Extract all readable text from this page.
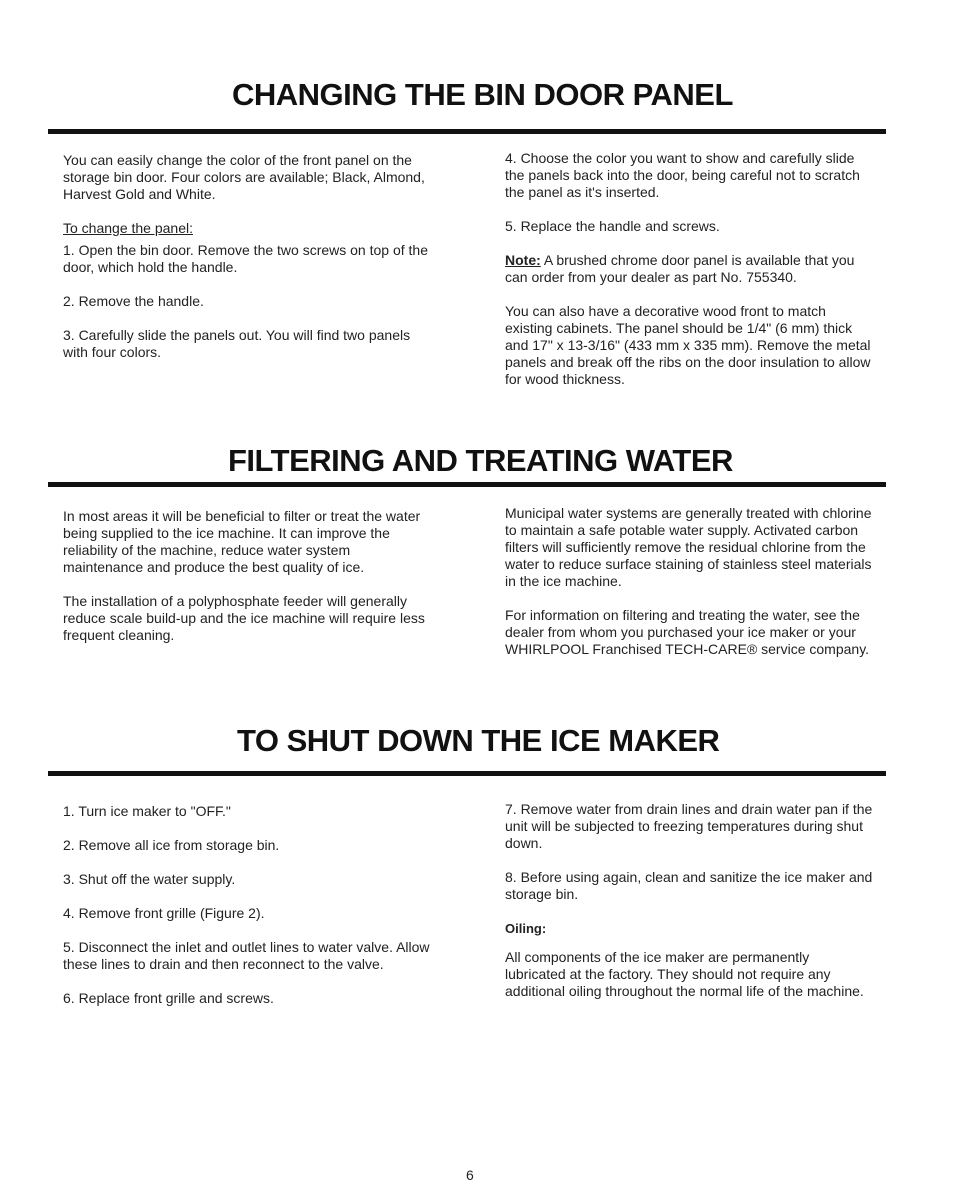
CHANGING THE BIN DOOR PANEL

You can easily change the color of the front panel on the storage bin door. Four colors are available; Black, Almond, Harvest Gold and White.

To change the panel:

1. Open the bin door. Remove the two screws on top of the door, which hold the handle.

2. Remove the handle.

3. Carefully slide the panels out. You will find two panels with four colors.

4. Choose the color you want to show and carefully slide the panels back into the door, being careful not to scratch the panel as it's inserted.

5. Replace the handle and screws.

Note: A brushed chrome door panel is available that you can order from your dealer as part No. 755340.

You can also have a decorative wood front to match existing cabinets. The panel should be 1/4" (6 mm) thick and 17" x 13-3/16" (433 mm x 335 mm). Remove the metal panels and break off the ribs on the door insulation to allow for wood thickness.

FILTERING AND TREATING WATER

In most areas it will be beneficial to filter or treat the water being supplied to the ice machine. It can improve the reliability of the machine, reduce water system maintenance and produce the best quality of ice.

The installation of a polyphosphate feeder will generally reduce scale build-up and the ice machine will require less frequent cleaning.

Municipal water systems are generally treated with chlorine to maintain a safe potable water supply. Activated carbon filters will sufficiently remove the residual chlorine from the water to reduce surface staining of stainless steel materials in the ice machine.

For information on filtering and treating the water, see the dealer from whom you purchased your ice maker or your WHIRLPOOL Franchised TECH-CARE® service company.

TO SHUT DOWN THE ICE MAKER

1. Turn ice maker to "OFF."

2. Remove all ice from storage bin.

3. Shut off the water supply.

4. Remove front grille (Figure 2).

5. Disconnect the inlet and outlet lines to water valve. Allow these lines to drain and then reconnect to the valve.

6. Replace front grille and screws.

7. Remove water from drain lines and drain water pan if the unit will be subjected to freezing temperatures during shut down.

8. Before using again, clean and sanitize the ice maker and storage bin.

Oiling:

All components of the ice maker are permanently lubricated at the factory. They should not require any additional oiling throughout the normal life of the machine.

6
